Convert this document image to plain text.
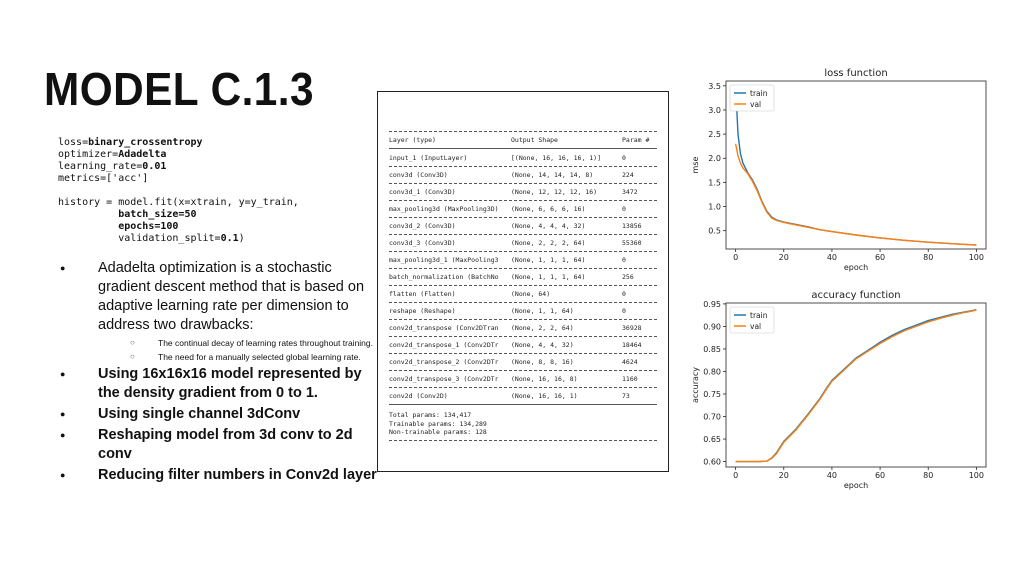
MODEL C.1.3
loss=binary_crossentropy
optimizer=Adadelta
learning_rate=0.01
metrics=['acc']
history = model.fit(x=xtrain, y=y_train,
batch_size=50
epochs=100
validation_split=0.1)
● Adadelta optimization is a stochastic gradient descent method that is based on adaptive learning rate per dimension to address two drawbacks:
○ The continual decay of learning rates throughout training.
○ The need for a manually selected global learning rate.
● Using 16x16x16 model represented by the density gradient from 0 to 1.
● Using single channel 3dConv
● Reshaping model from 3d conv to 2d conv
● Reducing filter numbers in Conv2d layer
Layer (type)	Output Shape	Param #
input_1 (InputLayer)	[(None, 16, 16, 16, 1)]	0
conv3d (Conv3D)	(None, 14, 14, 14, 8)	224
conv3d_1 (Conv3D)	(None, 12, 12, 12, 16)	3472
max_pooling3d (MaxPooling3D)	(None, 6, 6, 6, 16)	0
conv3d_2 (Conv3D)	(None, 4, 4, 4, 32)	13856
conv3d_3 (Conv3D)	(None, 2, 2, 2, 64)	55360
max_pooling3d_1 (MaxPooling3	(None, 1, 1, 1, 64)	0
batch_normalization (BatchNo	(None, 1, 1, 1, 64)	256
flatten (Flatten)	(None, 64)	0
reshape (Reshape)	(None, 1, 1, 64)	0
conv2d_transpose (Conv2DTran	(None, 2, 2, 64)	36928
conv2d_transpose_1 (Conv2DTr	(None, 4, 4, 32)	18464
conv2d_transpose_2 (Conv2DTr	(None, 8, 8, 16)	4624
conv2d_transpose_3 (Conv2DTr	(None, 16, 16, 8)	1160
conv2d (Conv2D)	(None, 16, 16, 1)	73
Total params: 134,417
Trainable params: 134,289
Non-trainable params: 128
loss function
0	20	40	60	80	100
0.5
1.0
1.5
2.0
2.5
3.0
3.5
epoch
mse
train
val
accuracy function
0	20	40	60	80	100
0.60
0.65
0.70
0.75
0.80
0.85
0.90
0.95
epoch
accuracy
train
val
